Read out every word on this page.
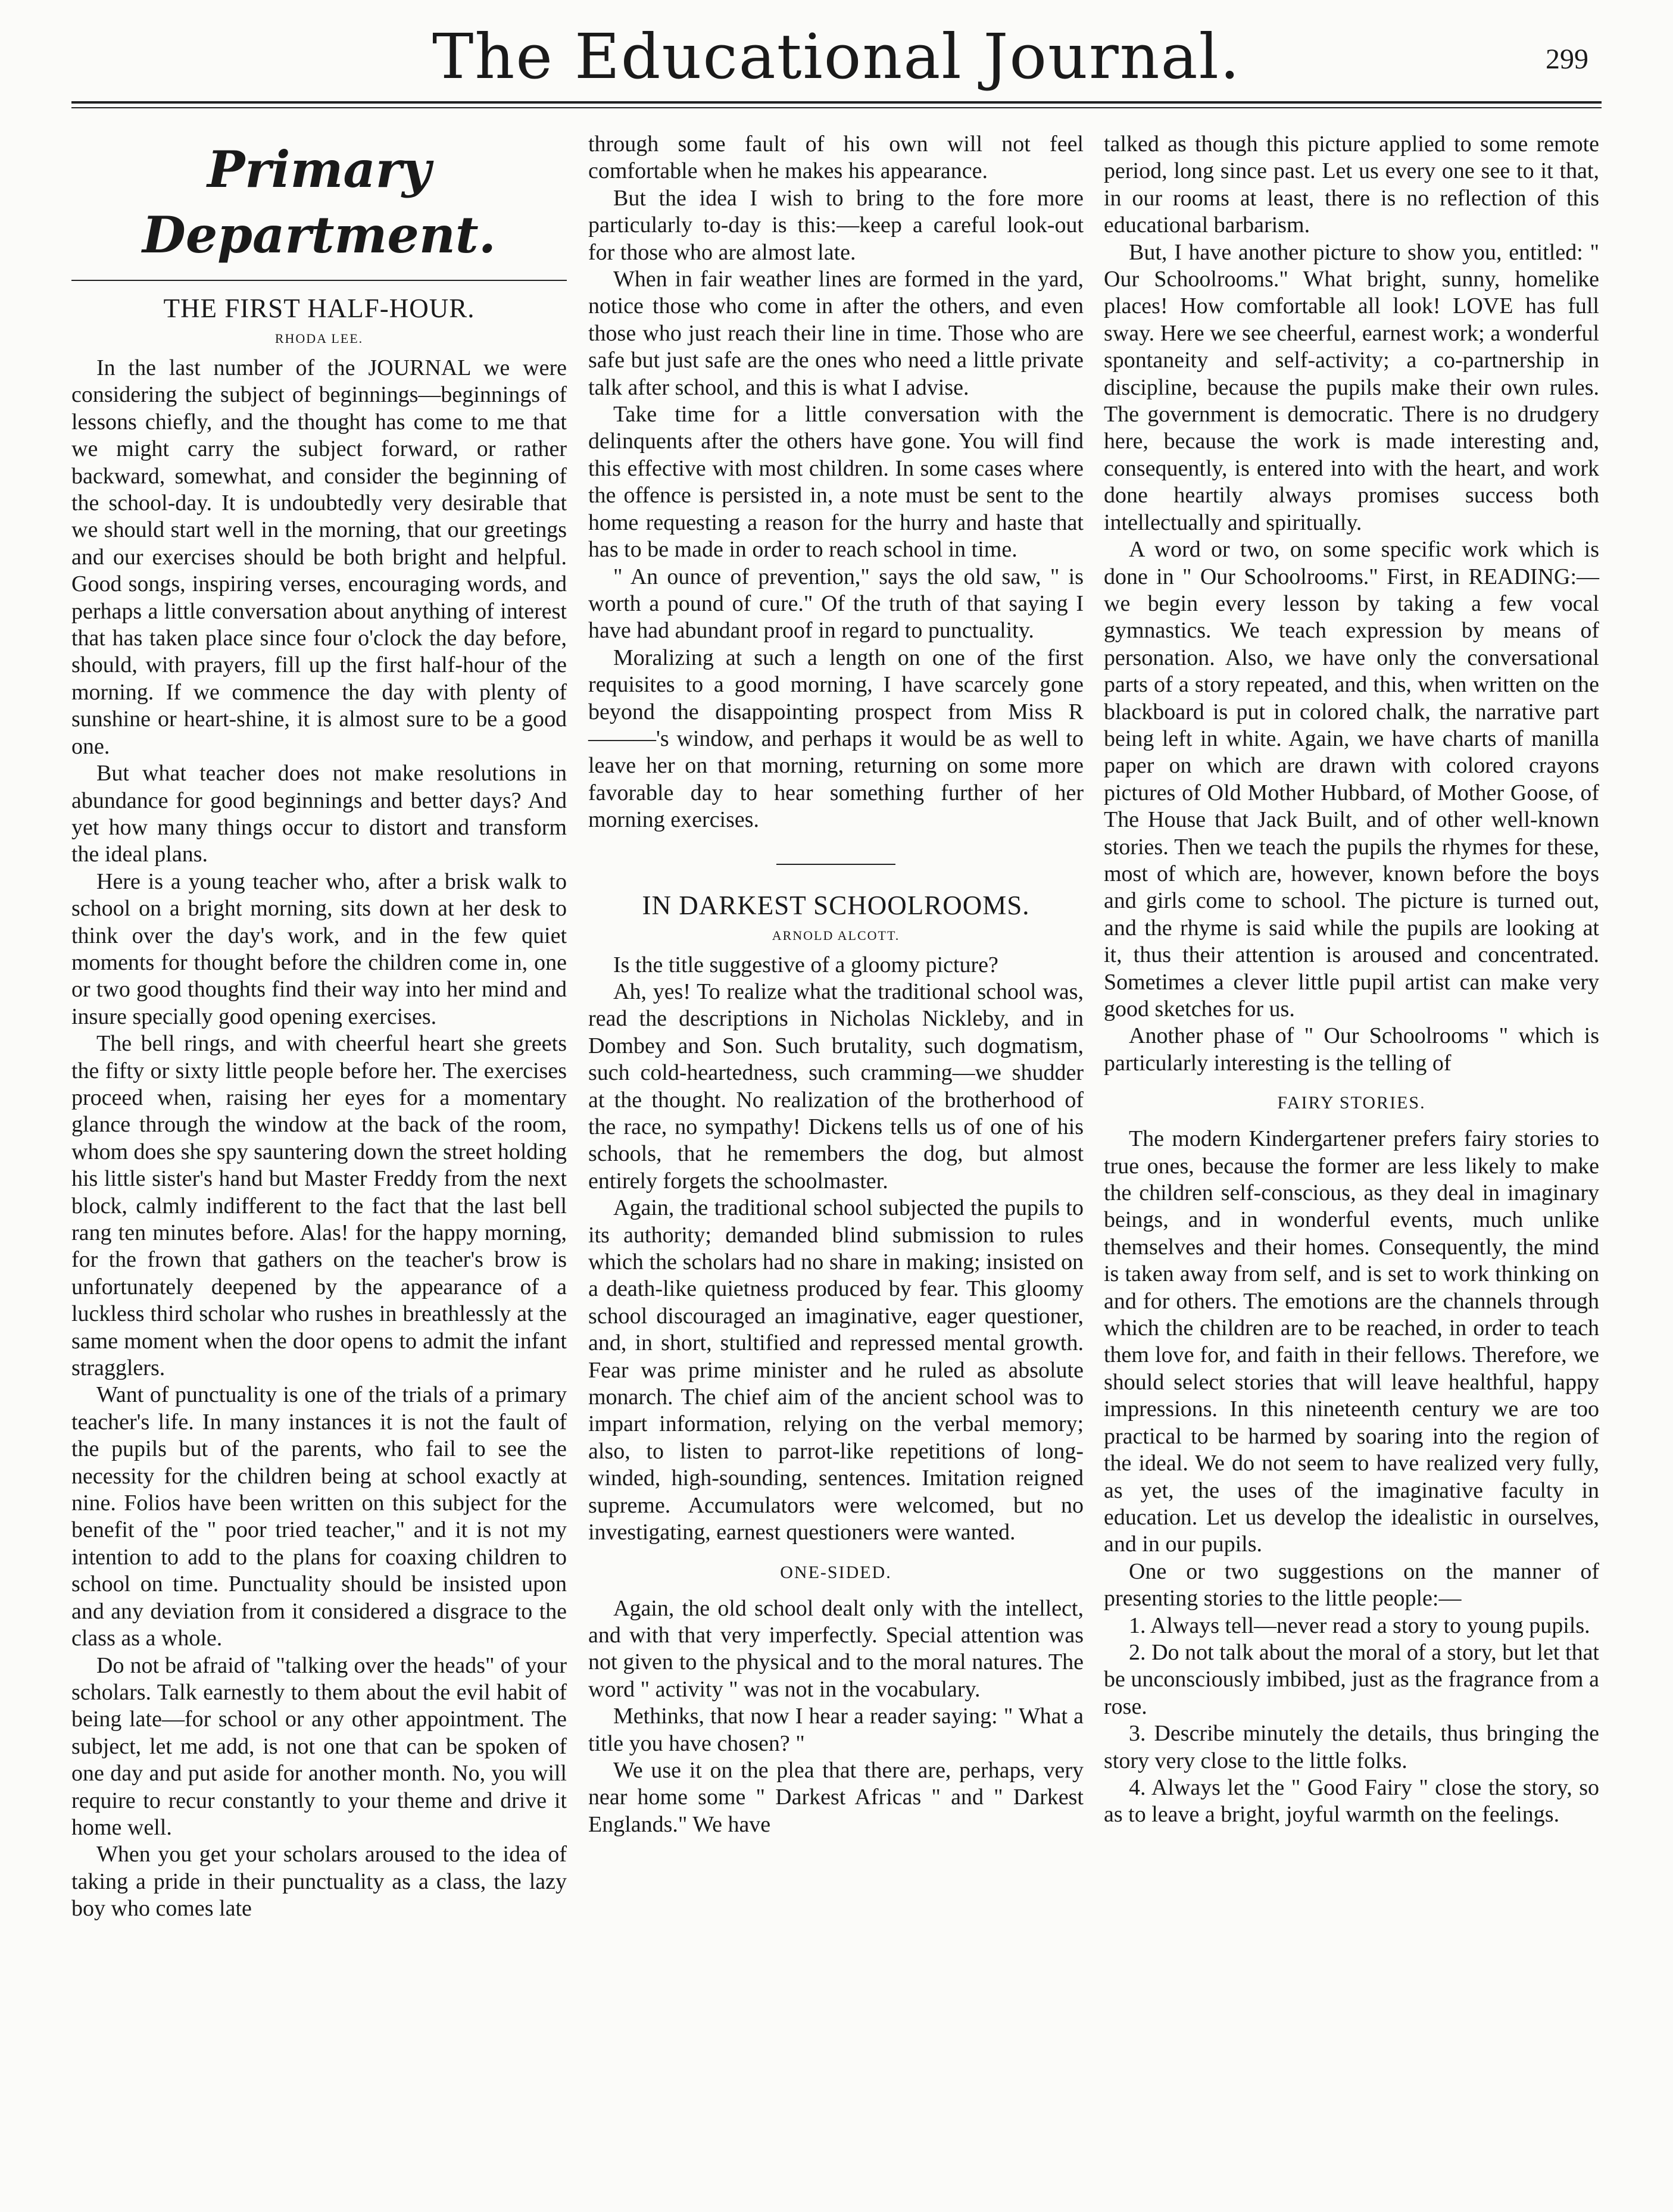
The Educational Journal.	299
Primary Department.
THE FIRST HALF-HOUR.
RHODA LEE.

In the last number of the JOURNAL we were considering the subject of beginnings—beginnings of lessons chiefly, and the thought has come to me that we might carry the subject forward, or rather backward, somewhat, and consider the beginning of the school-day. It is undoubtedly very desirable that we should start well in the morning, that our greetings and our exercises should be both bright and helpful. Good songs, inspiring verses, encouraging words, and perhaps a little conversation about anything of interest that has taken place since four o'clock the day before, should, with prayers, fill up the first half-hour of the morning. If we commence the day with plenty of sunshine or heart-shine, it is almost sure to be a good one.

But what teacher does not make resolutions in abundance for good beginnings and better days? And yet how many things occur to distort and transform the ideal plans.

Here is a young teacher who, after a brisk walk to school on a bright morning, sits down at her desk to think over the day's work, and in the few quiet moments for thought before the children come in, one or two good thoughts find their way into her mind and insure specially good opening exercises.

The bell rings, and with cheerful heart she greets the fifty or sixty little people before her. The exercises proceed when, raising her eyes for a momentary glance through the window at the back of the room, whom does she spy sauntering down the street holding his little sister's hand but Master Freddy from the next block, calmly indifferent to the fact that the last bell rang ten minutes before. Alas! for the happy morning, for the frown that gathers on the teacher's brow is unfortunately deepened by the appearance of a luckless third scholar who rushes in breathlessly at the same moment when the door opens to admit the infant stragglers.

Want of punctuality is one of the trials of a primary teacher's life. In many instances it is not the fault of the pupils but of the parents, who fail to see the necessity for the children being at school exactly at nine. Folios have been written on this subject for the benefit of the " poor tried teacher," and it is not my intention to add to the plans for coaxing children to school on time. Punctuality should be insisted upon and any deviation from it considered a disgrace to the class as a whole.

Do not be afraid of "talking over the heads" of your scholars. Talk earnestly to them about the evil habit of being late—for school or any other appointment. The subject, let me add, is not one that can be spoken of one day and put aside for another month. No, you will require to recur constantly to your theme and drive it home well.

When you get your scholars aroused to the idea of taking a pride in their punctuality as a class, the lazy boy who comes late

through some fault of his own will not feel comfortable when he makes his appearance.

But the idea I wish to bring to the fore more particularly to-day is this:—keep a careful look-out for those who are almost late.

When in fair weather lines are formed in the yard, notice those who come in after the others, and even those who just reach their line in time. Those who are safe but just safe are the ones who need a little private talk after school, and this is what I advise.

Take time for a little conversation with the delinquents after the others have gone. You will find this effective with most children. In some cases where the offence is persisted in, a note must be sent to the home requesting a reason for the hurry and haste that has to be made in order to reach school in time.

" An ounce of prevention," says the old saw, " is worth a pound of cure." Of the truth of that saying I have had abundant proof in regard to punctuality.

Moralizing at such a length on one of the first requisites to a good morning, I have scarcely gone beyond the disappointing prospect from Miss R———'s window, and perhaps it would be as well to leave her on that morning, returning on some more favorable day to hear something further of her morning exercises.

IN DARKEST SCHOOLROOMS.
ARNOLD ALCOTT.

Is the title suggestive of a gloomy picture?

Ah, yes! To realize what the traditional school was, read the descriptions in Nicholas Nickleby, and in Dombey and Son. Such brutality, such dogmatism, such cold-heartedness, such cramming—we shudder at the thought. No realization of the brotherhood of the race, no sympathy! Dickens tells us of one of his schools, that he remembers the dog, but almost entirely forgets the schoolmaster.

Again, the traditional school subjected the pupils to its authority; demanded blind submission to rules which the scholars had no share in making; insisted on a death-like quietness produced by fear. This gloomy school discouraged an imaginative, eager questioner, and, in short, stultified and repressed mental growth. Fear was prime minister and he ruled as absolute monarch. The chief aim of the ancient school was to impart information, relying on the verbal memory; also, to listen to parrot-like repetitions of long-winded, high-sounding, sentences. Imitation reigned supreme. Accumulators were welcomed, but no investigating, earnest questioners were wanted.

ONE-SIDED.

Again, the old school dealt only with the intellect, and with that very imperfectly. Special attention was not given to the physical and to the moral natures. The word " activity " was not in the vocabulary.

Methinks, that now I hear a reader saying: " What a title you have chosen? "

We use it on the plea that there are, perhaps, very near home some " Darkest Africas " and " Darkest Englands." We have

talked as though this picture applied to some remote period, long since past. Let us every one see to it that, in our rooms at least, there is no reflection of this educational barbarism.

But, I have another picture to show you, entitled: " Our Schoolrooms." What bright, sunny, homelike places! How comfortable all look! LOVE has full sway. Here we see cheerful, earnest work; a wonderful spontaneity and self-activity; a co-partnership in discipline, because the pupils make their own rules. The government is democratic. There is no drudgery here, because the work is made interesting and, consequently, is entered into with the heart, and work done heartily always promises success both intellectually and spiritually.

A word or two, on some specific work which is done in " Our Schoolrooms." First, in READING:—we begin every lesson by taking a few vocal gymnastics. We teach expression by means of personation. Also, we have only the conversational parts of a story repeated, and this, when written on the blackboard is put in colored chalk, the narrative part being left in white. Again, we have charts of manilla paper on which are drawn with colored crayons pictures of Old Mother Hubbard, of Mother Goose, of The House that Jack Built, and of other well-known stories. Then we teach the pupils the rhymes for these, most of which are, however, known before the boys and girls come to school. The picture is turned out, and the rhyme is said while the pupils are looking at it, thus their attention is aroused and concentrated. Sometimes a clever little pupil artist can make very good sketches for us.

Another phase of " Our Schoolrooms " which is particularly interesting is the telling of

FAIRY STORIES.

The modern Kindergartener prefers fairy stories to true ones, because the former are less likely to make the children self-conscious, as they deal in imaginary beings, and in wonderful events, much unlike themselves and their homes. Consequently, the mind is taken away from self, and is set to work thinking on and for others. The emotions are the channels through which the children are to be reached, in order to teach them love for, and faith in their fellows. Therefore, we should select stories that will leave healthful, happy impressions. In this nineteenth century we are too practical to be harmed by soaring into the region of the ideal. We do not seem to have realized very fully, as yet, the uses of the imaginative faculty in education. Let us develop the idealistic in ourselves, and in our pupils.

One or two suggestions on the manner of presenting stories to the little people:—

1. Always tell—never read a story to young pupils.

2. Do not talk about the moral of a story, but let that be unconsciously imbibed, just as the fragrance from a rose.

3. Describe minutely the details, thus bringing the story very close to the little folks.

4. Always let the " Good Fairy " close the story, so as to leave a bright, joyful warmth on the feelings.
